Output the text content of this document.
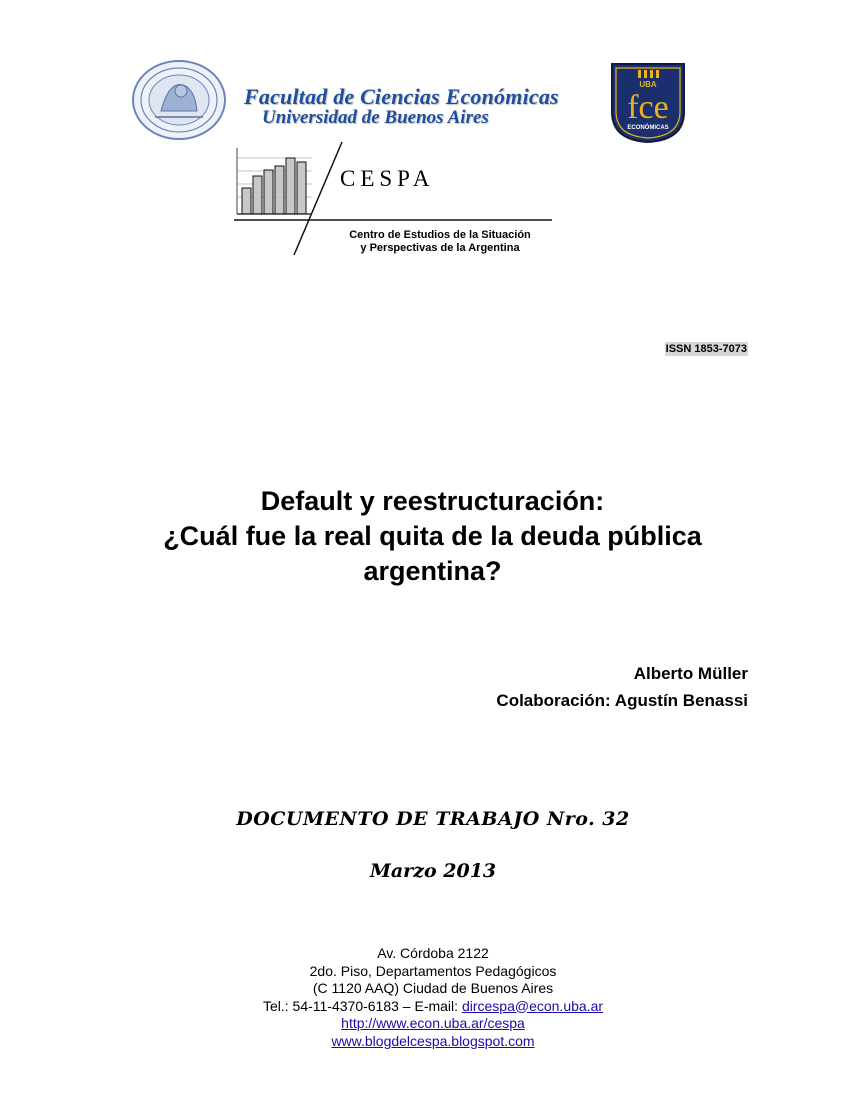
Facultad de Ciencias Económicas
Universidad de Buenos Aires
UBA
fce
ECONÓMICAS
CESPA
Centro de Estudios de la Situación
y Perspectivas de la Argentina
ISSN 1853-7073
Default y reestructuración:
¿Cuál fue la real quita de la deuda pública
argentina?
Alberto Müller
Colaboración: Agustín Benassi
DOCUMENTO DE TRABAJO Nro. 32
Marzo 2013
Av. Córdoba 2122
2do. Piso, Departamentos Pedagógicos
(C 1120 AAQ) Ciudad de Buenos Aires
Tel.: 54-11-4370-6183 – E-mail: dircespa@econ.uba.ar
http://www.econ.uba.ar/cespa
www.blogdelcespa.blogspot.com
